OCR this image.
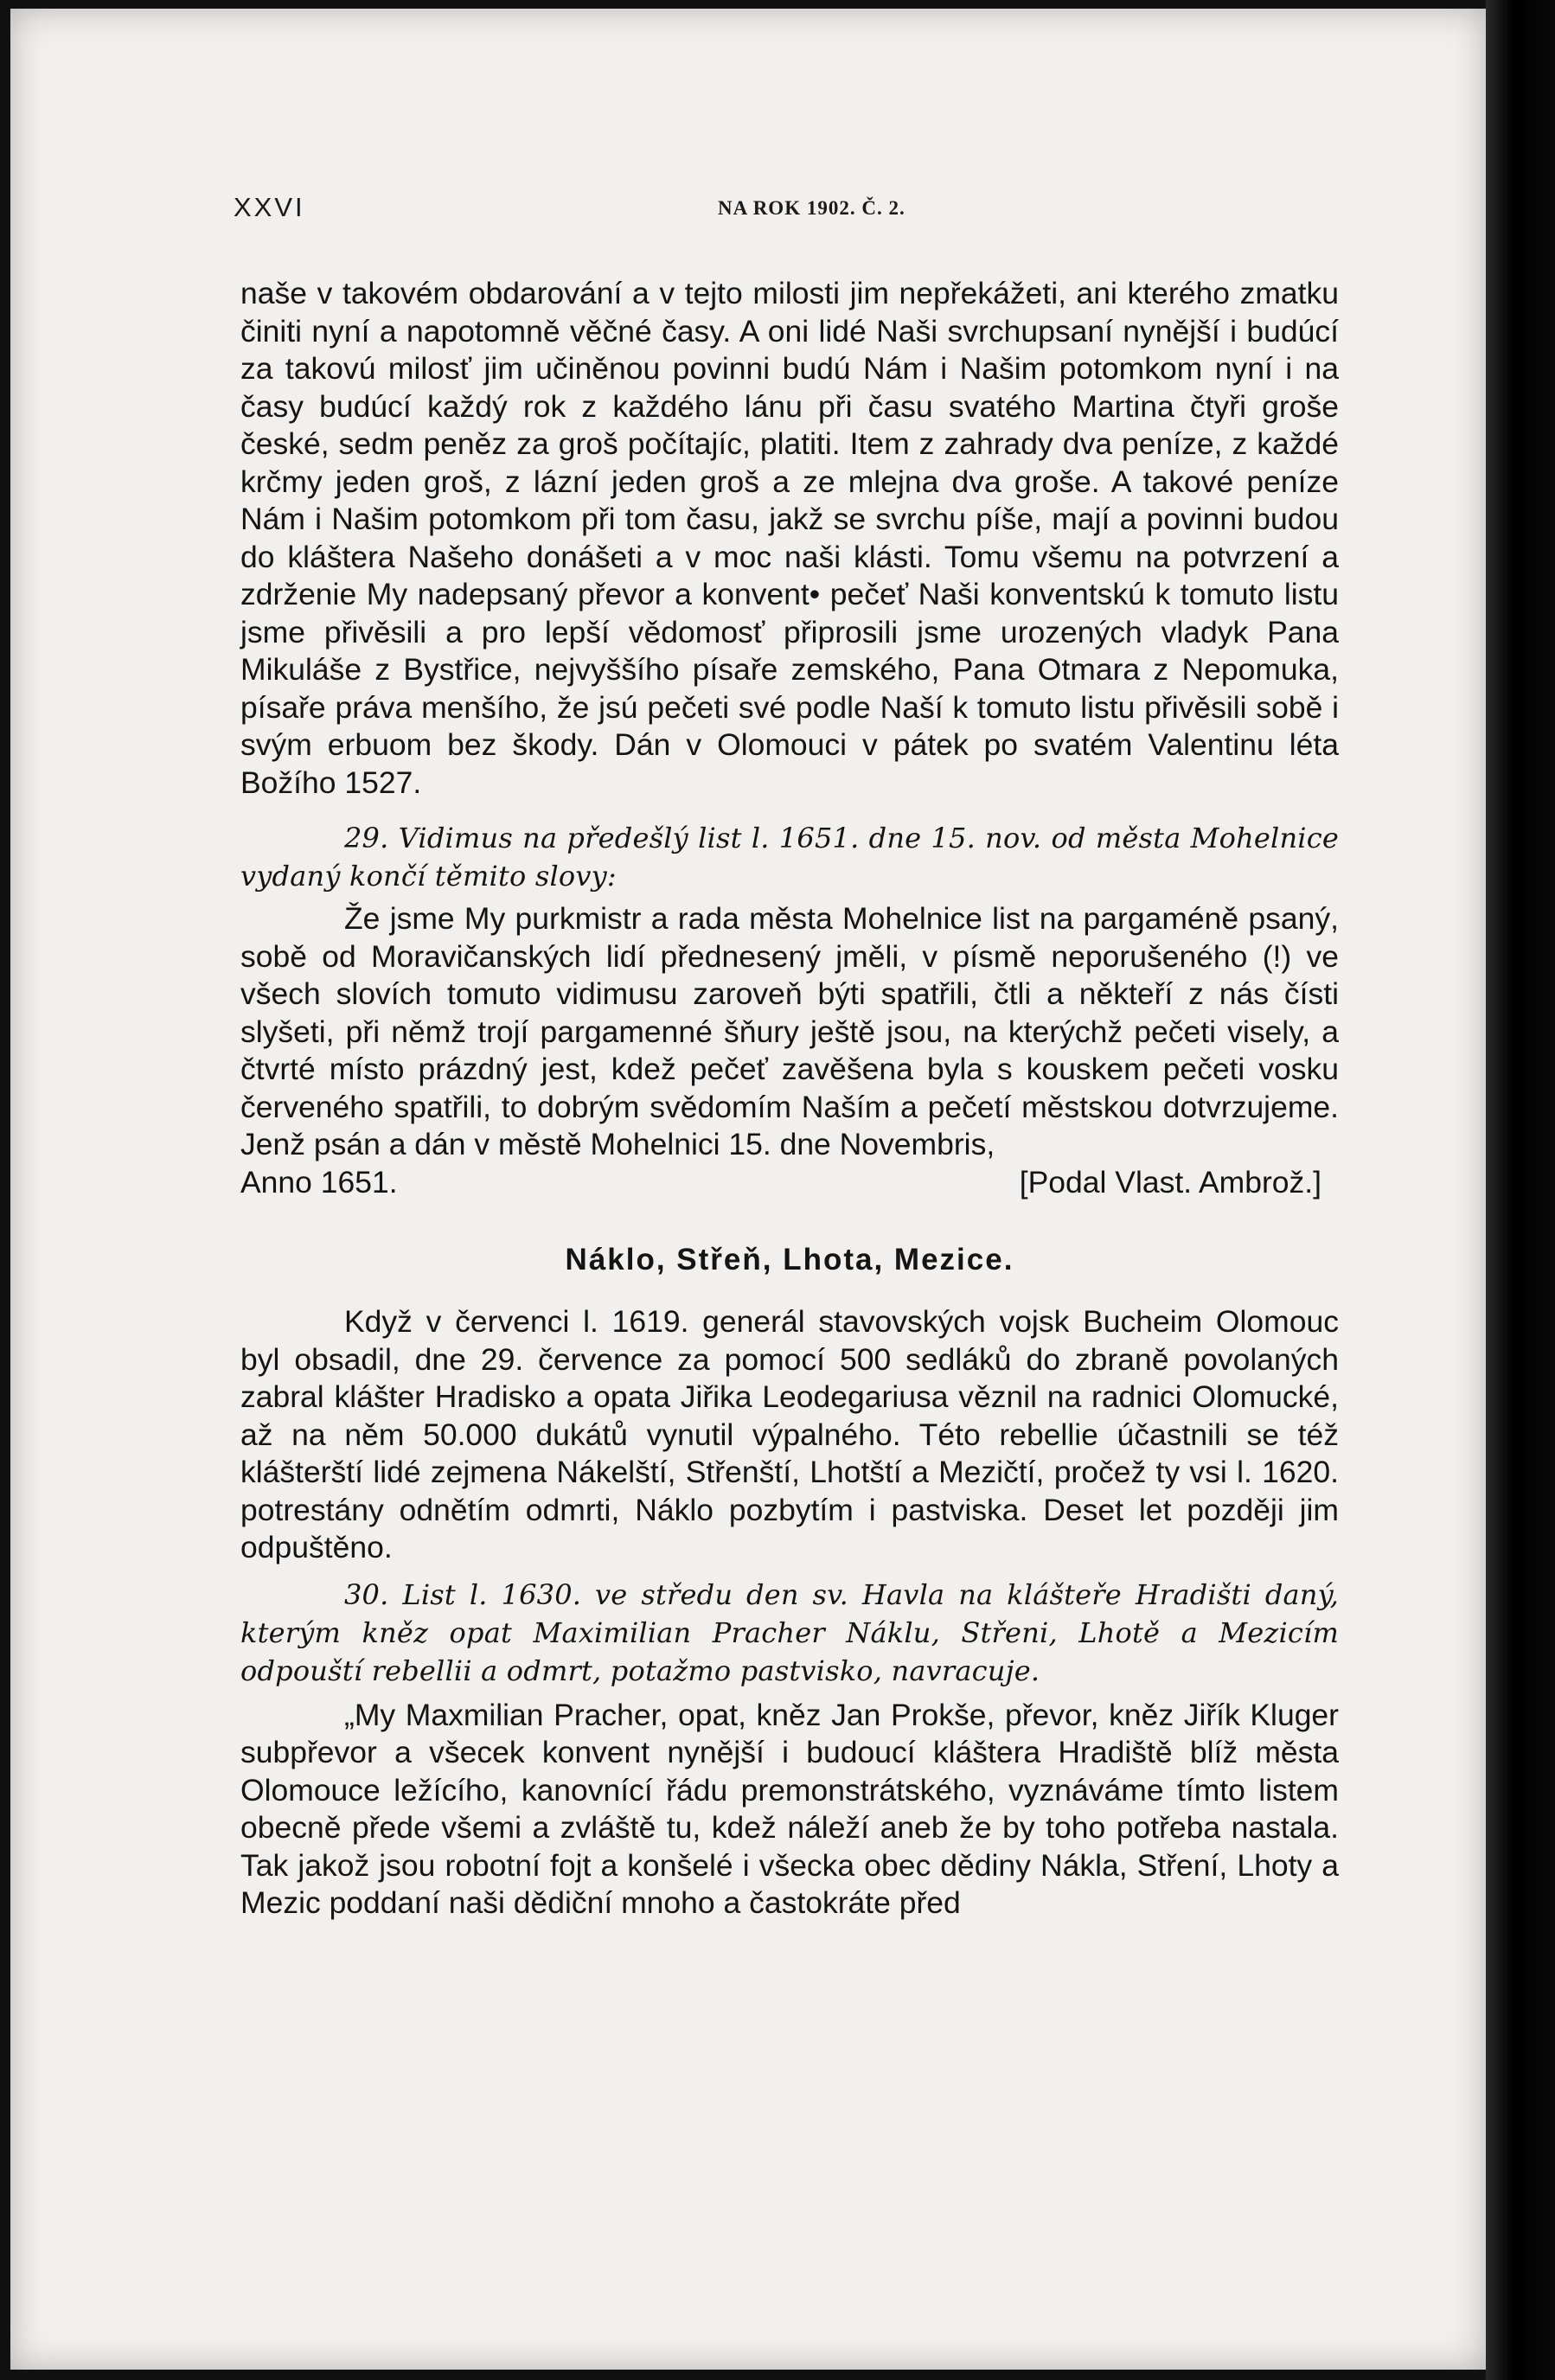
XXVI	NA ROK 1902. Č. 2.

naše v takovém obdarování a v tejto milosti jim nepřekážeti, ani kterého zmatku činiti nyní a napotomně věčné časy. A oni lidé Naši svrchupsaní nynější i budúcí za takovú milosť jim učiněnou povinni budú Nám i Našim potomkom nyní i na časy budúcí každý rok z každého lánu při času svatého Martina čtyři groše české, sedm peněz za groš počítajíc, platiti. Item z zahrady dva peníze, z každé krčmy jeden groš, z lázní jeden groš a ze mlejna dva groše. A takové peníze Nám i Našim potomkom při tom času, jakž se svrchu píše, mají a povinni budou do kláštera Našeho donášeti a v moc naši klásti. Tomu všemu na potvrzení a zdrženie My nadepsaný převor a konvent• pečeť Naši konventskú k tomuto listu jsme přivěsili a pro lepší vědomosť připrosili jsme urozených vladyk Pana Mikuláše z Bystřice, nejvyššího písaře zemského, Pana Otmara z Nepomuka, písaře práva menšího, že jsú pečeti své podle Naší k tomuto listu přivěsili sobě i svým erbuom bez škody. Dán v Olomouci v pátek po svatém Valentinu léta Božího 1527.

29. Vidimus na předešlý list l. 1651. dne 15. nov. od města Mohelnice vydaný končí těmito slovy:

Že jsme My purkmistr a rada města Mohelnice list na pargaméně psaný, sobě od Moravičanských lidí přednesený jměli, v písmě neporušeného (!) ve všech slovích tomuto vidimusu zaroveň býti spatřili, čtli a někteří z nás čísti slyšeti, při němž trojí pargamenné šňury ještě jsou, na kterýchž pečeti visely, a čtvrté místo prázdný jest, kdež pečeť zavěšena byla s kouskem pečeti vosku červeného spatřili, to dobrým svědomím Naším a pečetí městskou dotvrzujeme. Jenž psán a dán v městě Mohelnici 15. dne Novembris,

Anno 1651.	[Podal Vlast. Ambrož.]
Náklo, Střeň, Lhota, Mezice.

Když v červenci l. 1619. generál stavovských vojsk Bucheim Olomouc byl obsadil, dne 29. července za pomocí 500 sedláků do zbraně povolaných zabral klášter Hradisko a opata Jiřika Leodegariusa věznil na radnici Olomucké, až na něm 50.000 dukátů vynutil výpalného. Této rebellie účastnili se též klášterští lidé zejmena Nákelští, Střenští, Lhotští a Mezičtí, pročež ty vsi l. 1620. potrestány odnětím odmrti, Náklo pozbytím i pastviska. Deset let později jim odpuštěno.

30. List l. 1630. ve středu den sv. Havla na klášteře Hradišti daný, kterým kněz opat Maximilian Pracher Náklu, Střeni, Lhotě a Mezicím odpouští rebellii a odmrt, potažmo pastvisko, navracuje.

„My Maxmilian Pracher, opat, kněz Jan Prokše, převor, kněz Jiřík Kluger subpřevor a všecek konvent nynější i budoucí kláštera Hradiště blíž města Olomouce ležícího, kanovnící řádu premonstrátského, vyznáváme tímto listem obecně přede všemi a zvláště tu, kdež náleží aneb že by toho potřeba nastala. Tak jakož jsou robotní fojt a konšelé i všecka obec dědiny Nákla, Stření, Lhoty a Mezic poddaní naši dědiční mnoho a častokráte před
